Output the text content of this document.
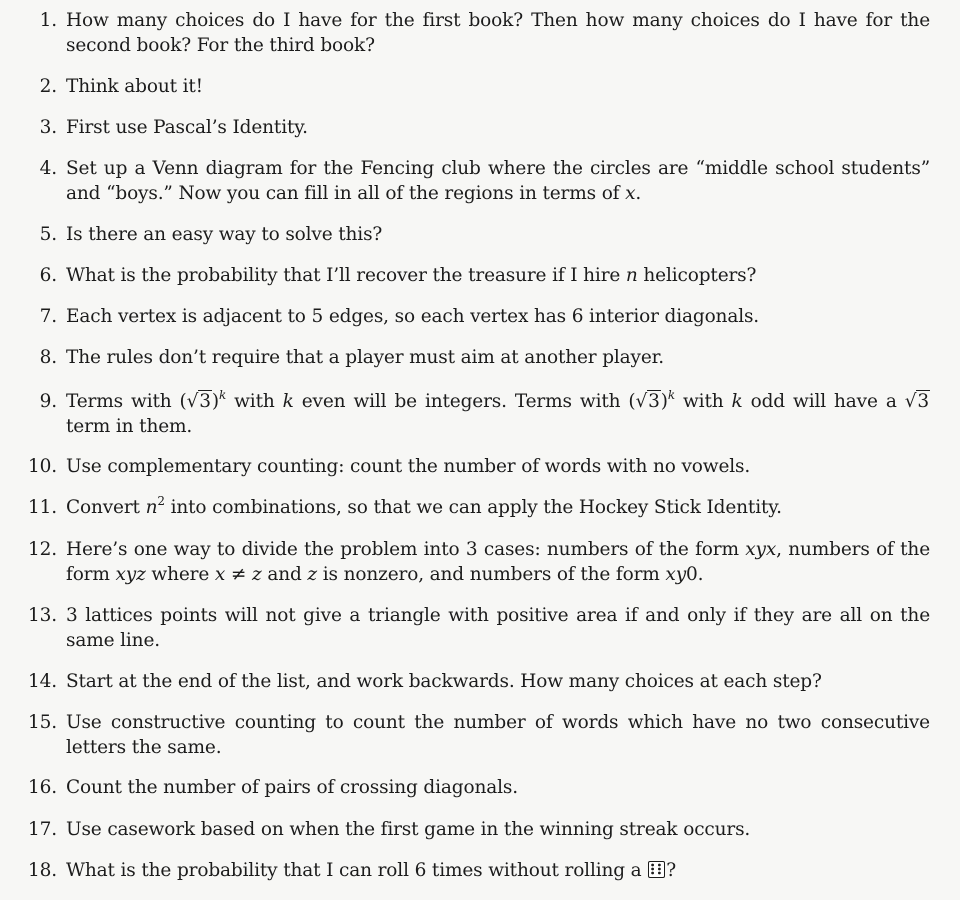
1. How many choices do I have for the first book? Then how many choices do I have for the second book? For the third book?
2. Think about it!
3. First use Pascal’s Identity.
4. Set up a Venn diagram for the Fencing club where the circles are “middle school students” and “boys.” Now you can fill in all of the regions in terms of x.
5. Is there an easy way to solve this?
6. What is the probability that I’ll recover the treasure if I hire n helicopters?
7. Each vertex is adjacent to 5 edges, so each vertex has 6 interior diagonals.
8. The rules don’t require that a player must aim at another player.
9. Terms with $(√3)^k$ with k even will be integers. Terms with $(√3)^k$ with k odd will have a √3 term in them.
10. Use complementary counting: count the number of words with no vowels.
11. Convert $n^2$ into combinations, so that we can apply the Hockey Stick Identity.
12. Here’s one way to divide the problem into 3 cases: numbers of the form xyx, numbers of the form xyz where x ≠ z and z is nonzero, and numbers of the form xy0.
13. 3 lattices points will not give a triangle with positive area if and only if they are all on the same line.
14. Start at the end of the list, and work backwards. How many choices at each step?
15. Use constructive counting to count the number of words which have no two consecutive letters the same.
16. Count the number of pairs of crossing diagonals.
17. Use casework based on when the first game in the winning streak occurs.
18. What is the probability that I can roll 6 times without rolling a
?
